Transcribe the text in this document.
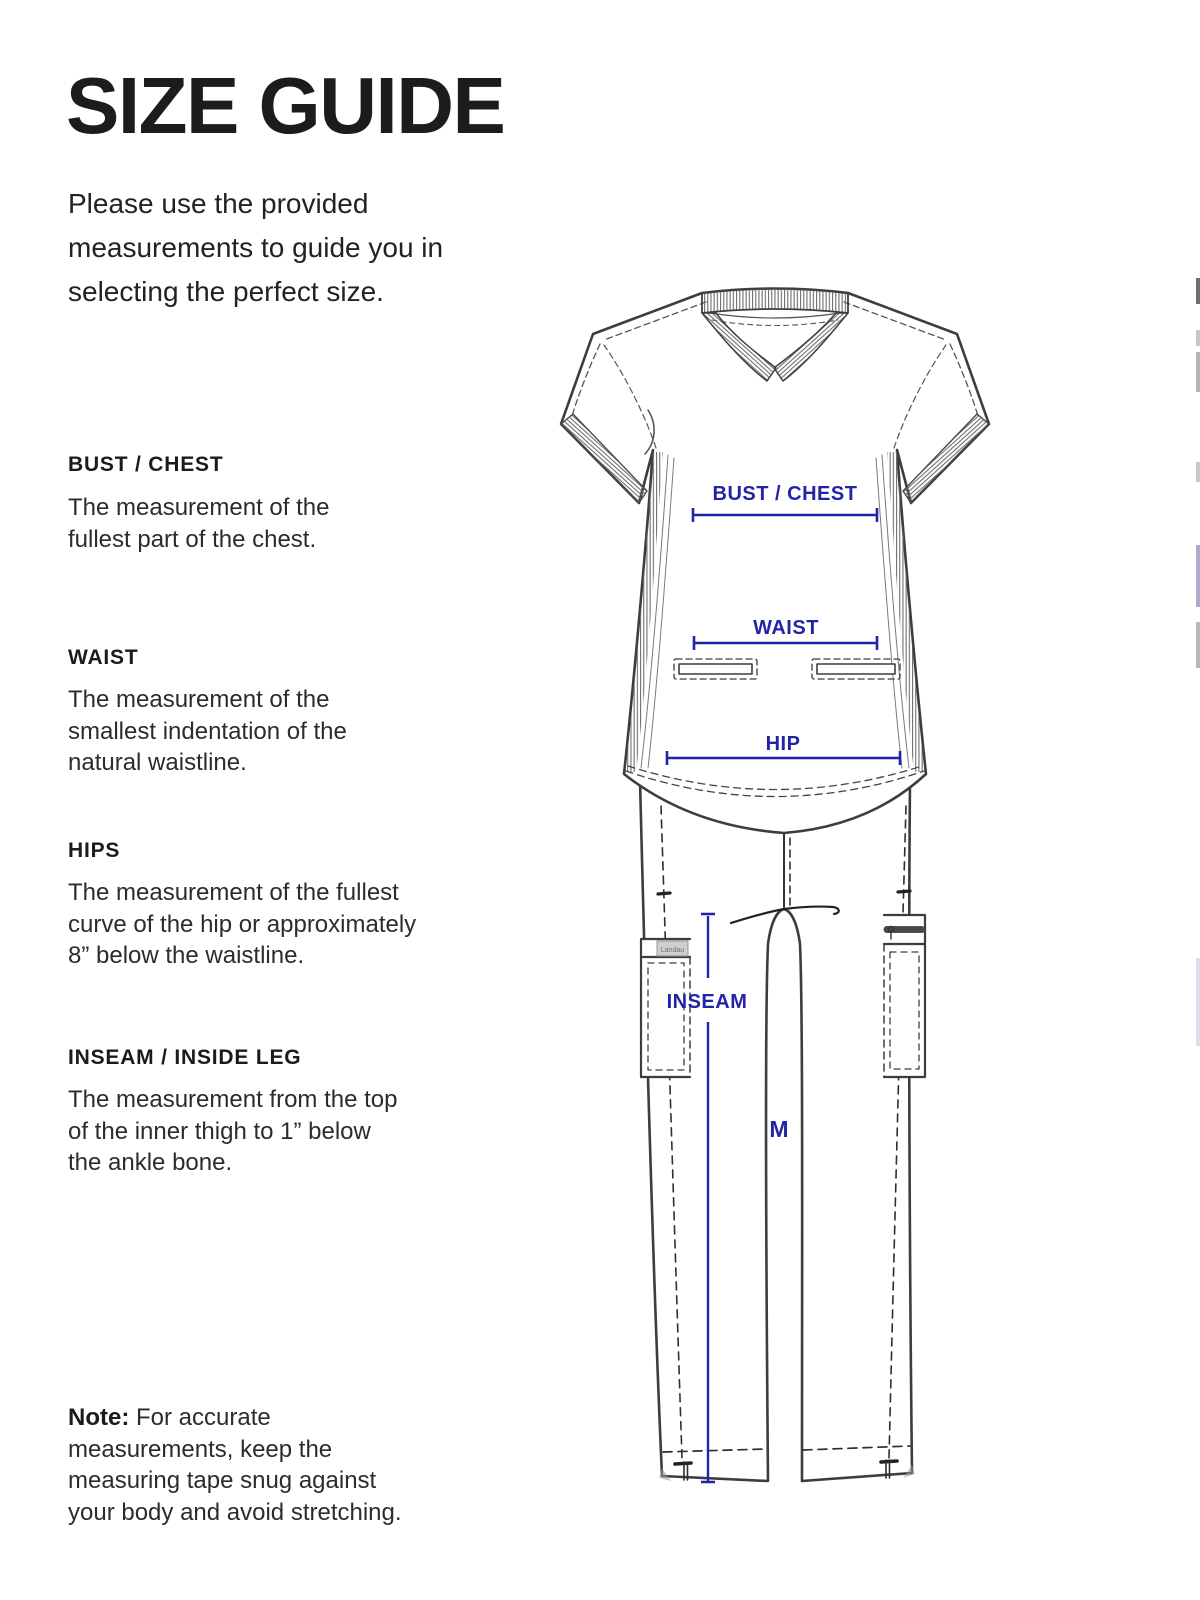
SIZE GUIDE
Please use the provided
measurements to guide you in
selecting the perfect size.
BUST / CHEST
The measurement of the
fullest part of the chest.
WAIST
The measurement of the
smallest indentation of the
natural waistline.
HIPS
The measurement of the fullest
curve of the hip or approximately
8” below the waistline.
INSEAM / INSIDE LEG
The measurement from the top
of the inner thigh to 1” below
the ankle bone.
Note: For accurate
measurements, keep the
measuring tape snug against
your body and avoid stretching.
Landau
BUST / CHEST
WAIST
HIP
INSEAM
M
